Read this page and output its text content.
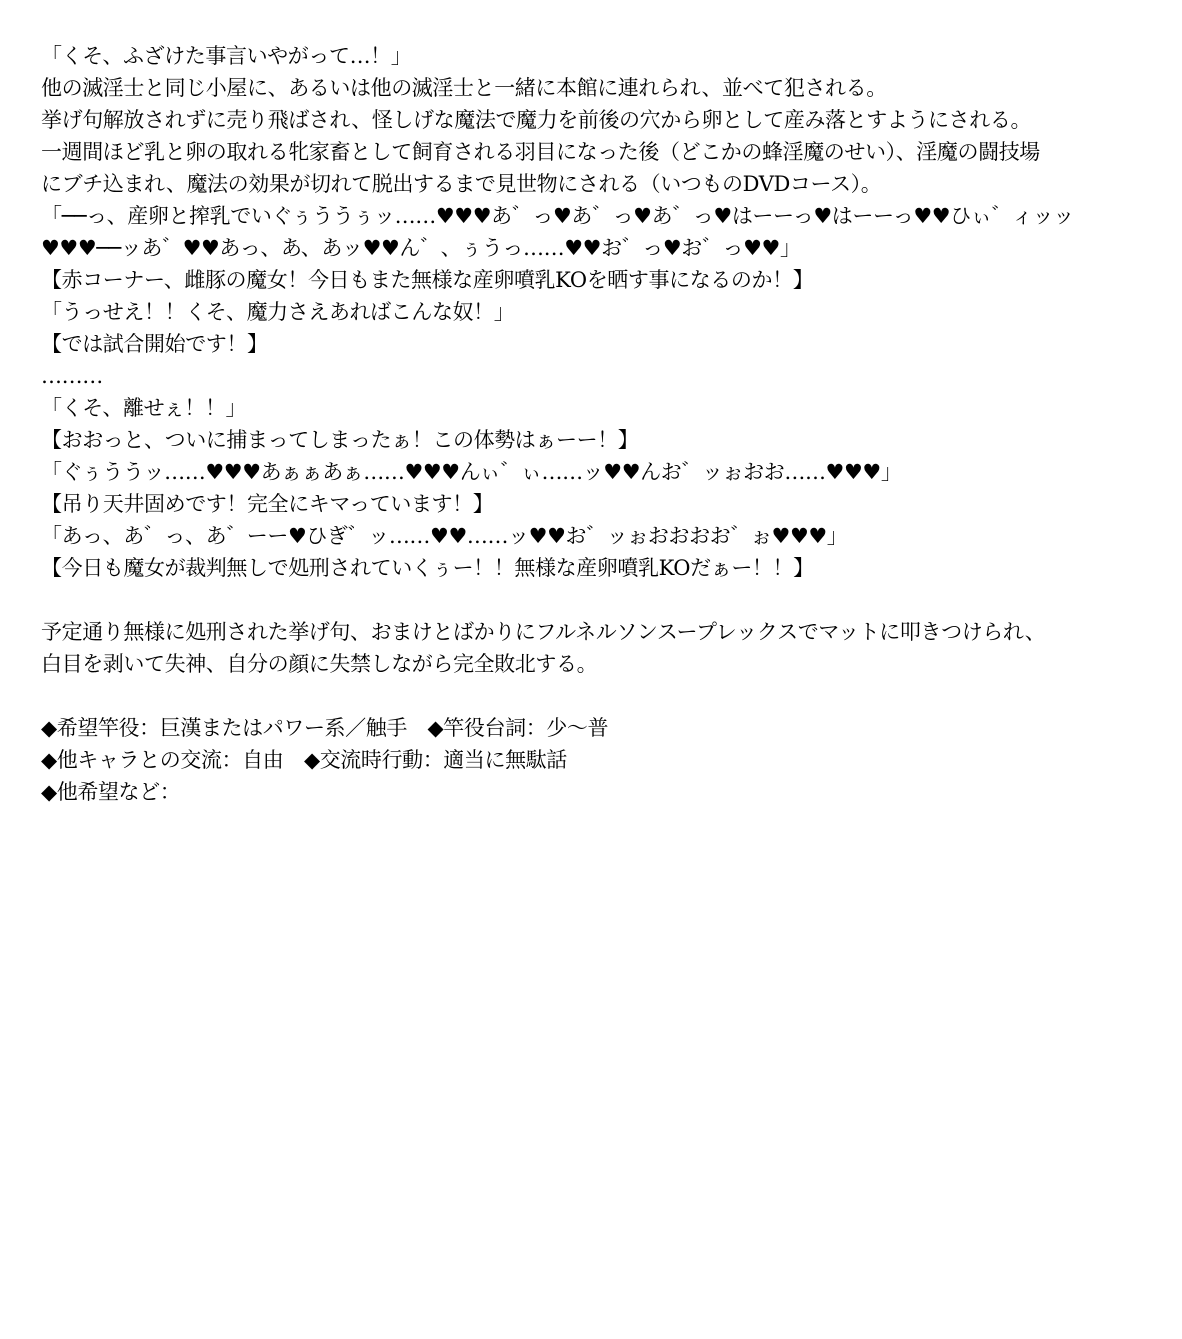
「くそ、ふざけた事言いやがって…！」
他の滅淫士と同じ小屋に、あるいは他の滅淫士と一緒に本館に連れられ、並べて犯される。
挙げ句解放されずに売り飛ばされ、怪しげな魔法で魔力を前後の穴から卵として産み落とすようにされる。
一週間ほど乳と卵の取れる牝家畜として飼育される羽目になった後（どこかの蜂淫魔のせい）、淫魔の闘技場
にブチ込まれ、魔法の効果が切れて脱出するまで見世物にされる（いつものDVDコース）。
「──っ、産卵と搾乳でいぐぅううぅッ……♥♥♥あ゛っ♥あ゛っ♥あ゛っ♥はーーっ♥はーーっ♥♥ひぃ゛ィッッ
♥♥♥──ッあ゛♥♥あっ、あ、あッ♥♥ん゛、ぅうっ……♥♥お゛っ♥お゛っ♥♥」
【赤コーナー、雌豚の魔女！今日もまた無様な産卵噴乳KOを晒す事になるのか！】
「うっせえ！！くそ、魔力さえあればこんな奴！」
【では試合開始です！】
………
「くそ、離せぇ！！」
【おおっと、ついに捕まってしまったぁ！この体勢はぁーー！】
「ぐぅううッ……♥♥♥あぁぁあぁ……♥♥♥んぃ゛ぃ……ッ♥♥んお゛ッぉおお……♥♥♥」
【吊り天井固めです！完全にキマっています！】
「あっ、あ゛っ、あ゛ーー♥ひぎ゛ッ……♥♥……ッ♥♥お゛ッぉおおおお゛ぉ♥♥♥」
【今日も魔女が裁判無しで処刑されていくぅー！！無様な産卵噴乳KOだぁー！！】
予定通り無様に処刑された挙げ句、おまけとばかりにフルネルソンスープレックスでマットに叩きつけられ、
白目を剥いて失神、自分の顔に失禁しながら完全敗北する。
◆希望竿役：巨漢またはパワー系／触手　◆竿役台詞：少～普
◆他キャラとの交流：自由　◆交流時行動：適当に無駄話
◆他希望など：
